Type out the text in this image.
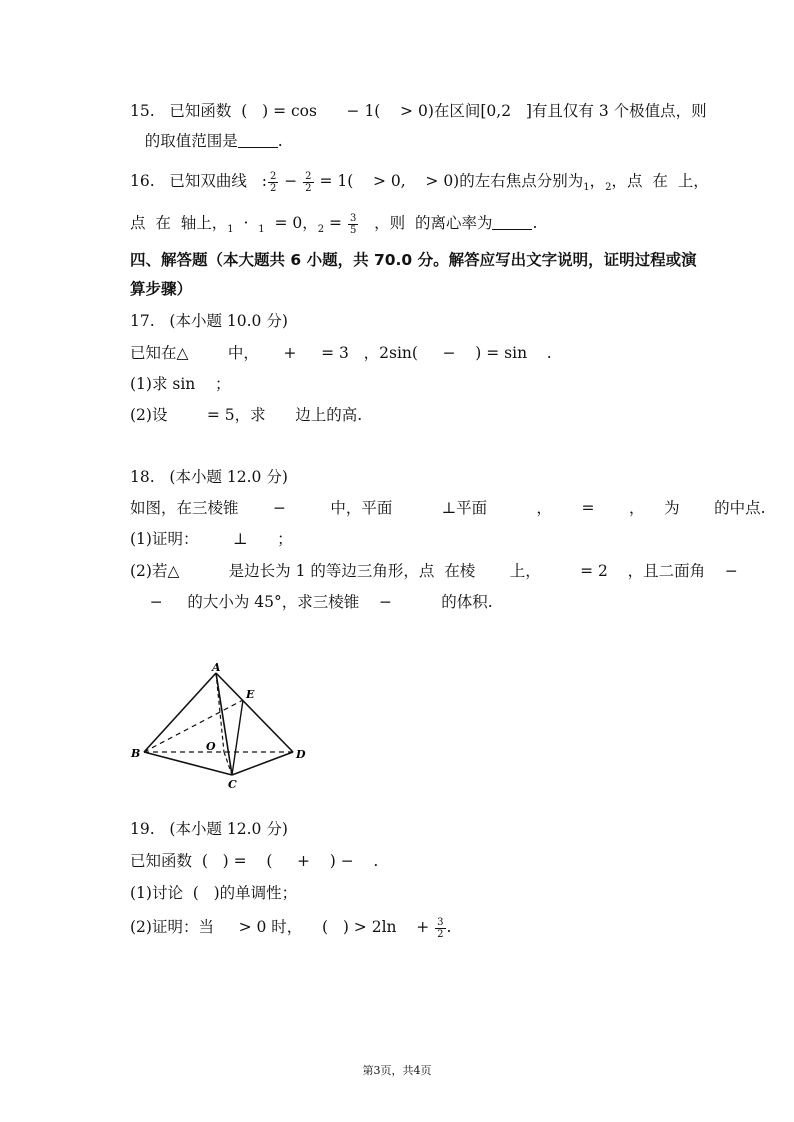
15.   已知函数  (   ) = cos      − 1(    > 0)在区间[0,2   ]有且仅有 3 个极值点，则
的取值范围是	.
16.   已知双曲线   : $\frac{2}{2} - \frac{2}{2} = 1$(    > 0,    > 0)的左右焦点分别为$_1$，$_2$，点  在  上，
点  在  轴上，$_1$  ·  $_1$  = 0，$_2 = \frac{3}{5}$ ，则  的离心率为	.
四、解答题（本大题共 6 小题，共 70.0 分。解答应写出文字说明，证明过程或演
算步骤）
17.   (本小题 10.0 分)
已知在△        中，     +     = 3   ，2sin(     −    ) = sin    .
(1)求 sin    ；
(2)设        = 5，求      边上的高.
18.   (本小题 12.0 分)
如图，在三棱锥       −         中，平面          ⊥平面          ，      =       ，    为       的中点.
(1)证明：       ⊥      ；
(2)若△          是边长为 1 的等边三角形，点  在棱       上，        = 2    ，且二面角    −
−     的大小为 45°，求三棱锥    −          的体积.
A
E
B
O
D
C
19.   (本小题 12.0 分)
已知函数  (   ) =    (     +    ) −    .
(1)讨论  (   )的单调性；
(2)证明：当     > 0 时，    (   ) > 2ln    + $\frac{3}{2}$ .
第3页，共4页
